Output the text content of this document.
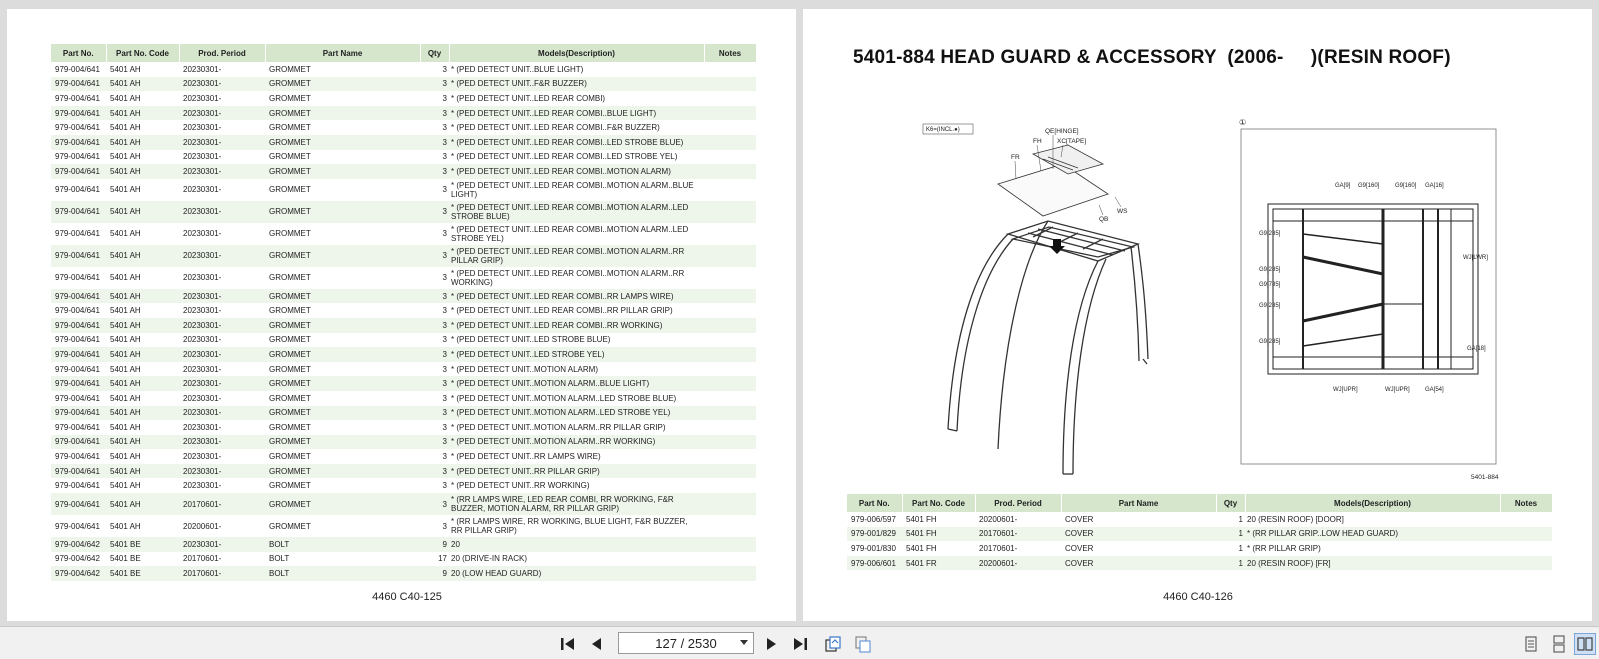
Part No.	Part No. Code	Prod. Period	Part Name	Qty	Models(Description)	Notes
979-004/641	5401 AH	20230301-	GROMMET	3	* (PED DETECT UNIT..BLUE LIGHT)	
979-004/641	5401 AH	20230301-	GROMMET	3	* (PED DETECT UNIT..F&R BUZZER)	
979-004/641	5401 AH	20230301-	GROMMET	3	* (PED DETECT UNIT..LED REAR COMBI)	
979-004/641	5401 AH	20230301-	GROMMET	3	* (PED DETECT UNIT..LED REAR COMBI..BLUE LIGHT)	
979-004/641	5401 AH	20230301-	GROMMET	3	* (PED DETECT UNIT..LED REAR COMBI..F&R BUZZER)	
979-004/641	5401 AH	20230301-	GROMMET	3	* (PED DETECT UNIT..LED REAR COMBI..LED STROBE BLUE)	
979-004/641	5401 AH	20230301-	GROMMET	3	* (PED DETECT UNIT..LED REAR COMBI..LED STROBE YEL)	
979-004/641	5401 AH	20230301-	GROMMET	3	* (PED DETECT UNIT..LED REAR COMBI..MOTION ALARM)	
979-004/641	5401 AH	20230301-	GROMMET	3	* (PED DETECT UNIT..LED REAR COMBI..MOTION ALARM..BLUE LIGHT)	
979-004/641	5401 AH	20230301-	GROMMET	3	* (PED DETECT UNIT..LED REAR COMBI..MOTION ALARM..LED STROBE BLUE)	
979-004/641	5401 AH	20230301-	GROMMET	3	* (PED DETECT UNIT..LED REAR COMBI..MOTION ALARM..LED STROBE YEL)	
979-004/641	5401 AH	20230301-	GROMMET	3	* (PED DETECT UNIT..LED REAR COMBI..MOTION ALARM..RR PILLAR GRIP)	
979-004/641	5401 AH	20230301-	GROMMET	3	* (PED DETECT UNIT..LED REAR COMBI..MOTION ALARM..RR WORKING)	
979-004/641	5401 AH	20230301-	GROMMET	3	* (PED DETECT UNIT..LED REAR COMBI..RR LAMPS WIRE)	
979-004/641	5401 AH	20230301-	GROMMET	3	* (PED DETECT UNIT..LED REAR COMBI..RR PILLAR GRIP)	
979-004/641	5401 AH	20230301-	GROMMET	3	* (PED DETECT UNIT..LED REAR COMBI..RR WORKING)	
979-004/641	5401 AH	20230301-	GROMMET	3	* (PED DETECT UNIT..LED STROBE BLUE)	
979-004/641	5401 AH	20230301-	GROMMET	3	* (PED DETECT UNIT..LED STROBE YEL)	
979-004/641	5401 AH	20230301-	GROMMET	3	* (PED DETECT UNIT..MOTION ALARM)	
979-004/641	5401 AH	20230301-	GROMMET	3	* (PED DETECT UNIT..MOTION ALARM..BLUE LIGHT)	
979-004/641	5401 AH	20230301-	GROMMET	3	* (PED DETECT UNIT..MOTION ALARM..LED STROBE BLUE)	
979-004/641	5401 AH	20230301-	GROMMET	3	* (PED DETECT UNIT..MOTION ALARM..LED STROBE YEL)	
979-004/641	5401 AH	20230301-	GROMMET	3	* (PED DETECT UNIT..MOTION ALARM..RR PILLAR GRIP)	
979-004/641	5401 AH	20230301-	GROMMET	3	* (PED DETECT UNIT..MOTION ALARM..RR WORKING)	
979-004/641	5401 AH	20230301-	GROMMET	3	* (PED DETECT UNIT..RR LAMPS WIRE)	
979-004/641	5401 AH	20230301-	GROMMET	3	* (PED DETECT UNIT..RR PILLAR GRIP)	
979-004/641	5401 AH	20230301-	GROMMET	3	* (PED DETECT UNIT..RR WORKING)	
979-004/641	5401 AH	20170601-	GROMMET	3	* (RR LAMPS WIRE, LED REAR COMBI, RR WORKING, F&R BUZZER, MOTION ALARM, RR PILLAR GRIP)	
979-004/641	5401 AH	20200601-	GROMMET	3	* (RR LAMPS WIRE, RR WORKING, BLUE LIGHT, F&R BUZZER, RR PILLAR GRIP)	
979-004/642	5401 BE	20230301-	BOLT	9	20	
979-004/642	5401 BE	20170601-	BOLT	17	20 (DRIVE-IN RACK)	
979-004/642	5401 BE	20170601-	BOLT	9	20 (LOW HEAD GUARD)	
4460 C40-125
5401-884 HEAD GUARD & ACCESSORY  (2006-     )(RESIN ROOF)
K6=(INCL.●)	QE[HINGE]
FH XC[TAPE]
FR
QB
WS
①
GA[9] G9[160]	G9[160] GA[16]
G9[285]
G9[285]
G9[785]
G9[285]
G9[285]
WJ[LWR]
GA[18]
WJ[UPR]	WJ[UPR]	GA[54]
5401-884
Part No.	Part No. Code	Prod. Period	Part Name	Qty	Models(Description)	Notes
979-006/597	5401 FH	20200601-	COVER	1	20 (RESIN ROOF) [DOOR]	
979-001/829	5401 FH	20170601-	COVER	1	* (RR PILLAR GRIP..LOW HEAD GUARD)	
979-001/830	5401 FH	20170601-	COVER	1	* (RR PILLAR GRIP)	
979-006/601	5401 FR	20200601-	COVER	1	20 (RESIN ROOF) [FR]	
4460 C40-126
127 / 2530
